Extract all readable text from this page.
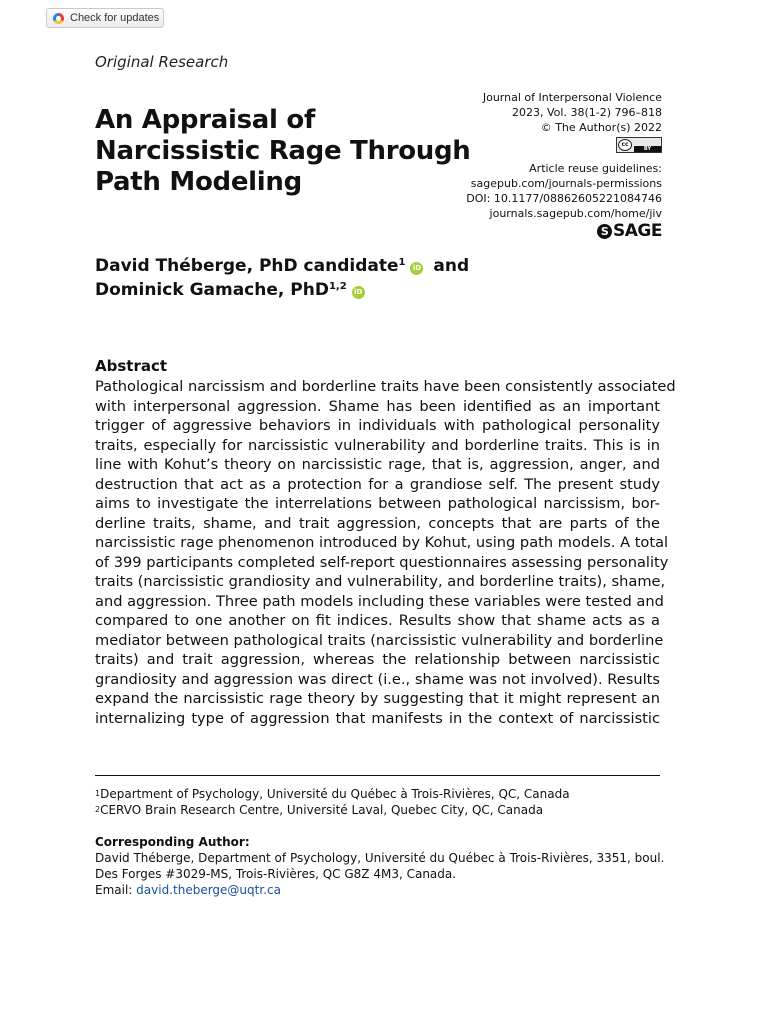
Check for updates
Original Research
An Appraisal of
Narcissistic Rage Through
Path Modeling
Journal of Interpersonal Violence
2023, Vol. 38(1-2) 796–818
© The Author(s) 2022
cc
BY
Article reuse guidelines:
sagepub.com/journals-permissions
DOI: 10.1177/08862605221084746
journals.sagepub.com/home/jiv
S SAGE
David Théberge, PhD candidate$^1$ iD and
Dominick Gamache, PhD$^{1,2}$ iD
Abstract
Pathological narcissism and borderline traits have been consistently associated
with interpersonal aggression. Shame has been identified as an important
trigger of aggressive behaviors in individuals with pathological personality
traits, especially for narcissistic vulnerability and borderline traits. This is in
line with Kohut’s theory on narcissistic rage, that is, aggression, anger, and
destruction that act as a protection for a grandiose self. The present study
aims to investigate the interrelations between pathological narcissism, bor-
derline traits, shame, and trait aggression, concepts that are parts of the
narcissistic rage phenomenon introduced by Kohut, using path models. A total
of 399 participants completed self-report questionnaires assessing personality
traits (narcissistic grandiosity and vulnerability, and borderline traits), shame,
and aggression. Three path models including these variables were tested and
compared to one another on fit indices. Results show that shame acts as a
mediator between pathological traits (narcissistic vulnerability and borderline
traits) and trait aggression, whereas the relationship between narcissistic
grandiosity and aggression was direct (i.e., shame was not involved). Results
expand the narcissistic rage theory by suggesting that it might represent an
internalizing type of aggression that manifests in the context of narcissistic
$^1$Department of Psychology, Université du Québec à Trois-Rivières, QC, Canada
$^2$CERVO Brain Research Centre, Université Laval, Quebec City, QC, Canada
Corresponding Author:
David Théberge, Department of Psychology, Université du Québec à Trois-Rivières, 3351, boul.
Des Forges #3029-MS, Trois-Rivières, QC G8Z 4M3, Canada.
Email: david.theberge@uqtr.ca
